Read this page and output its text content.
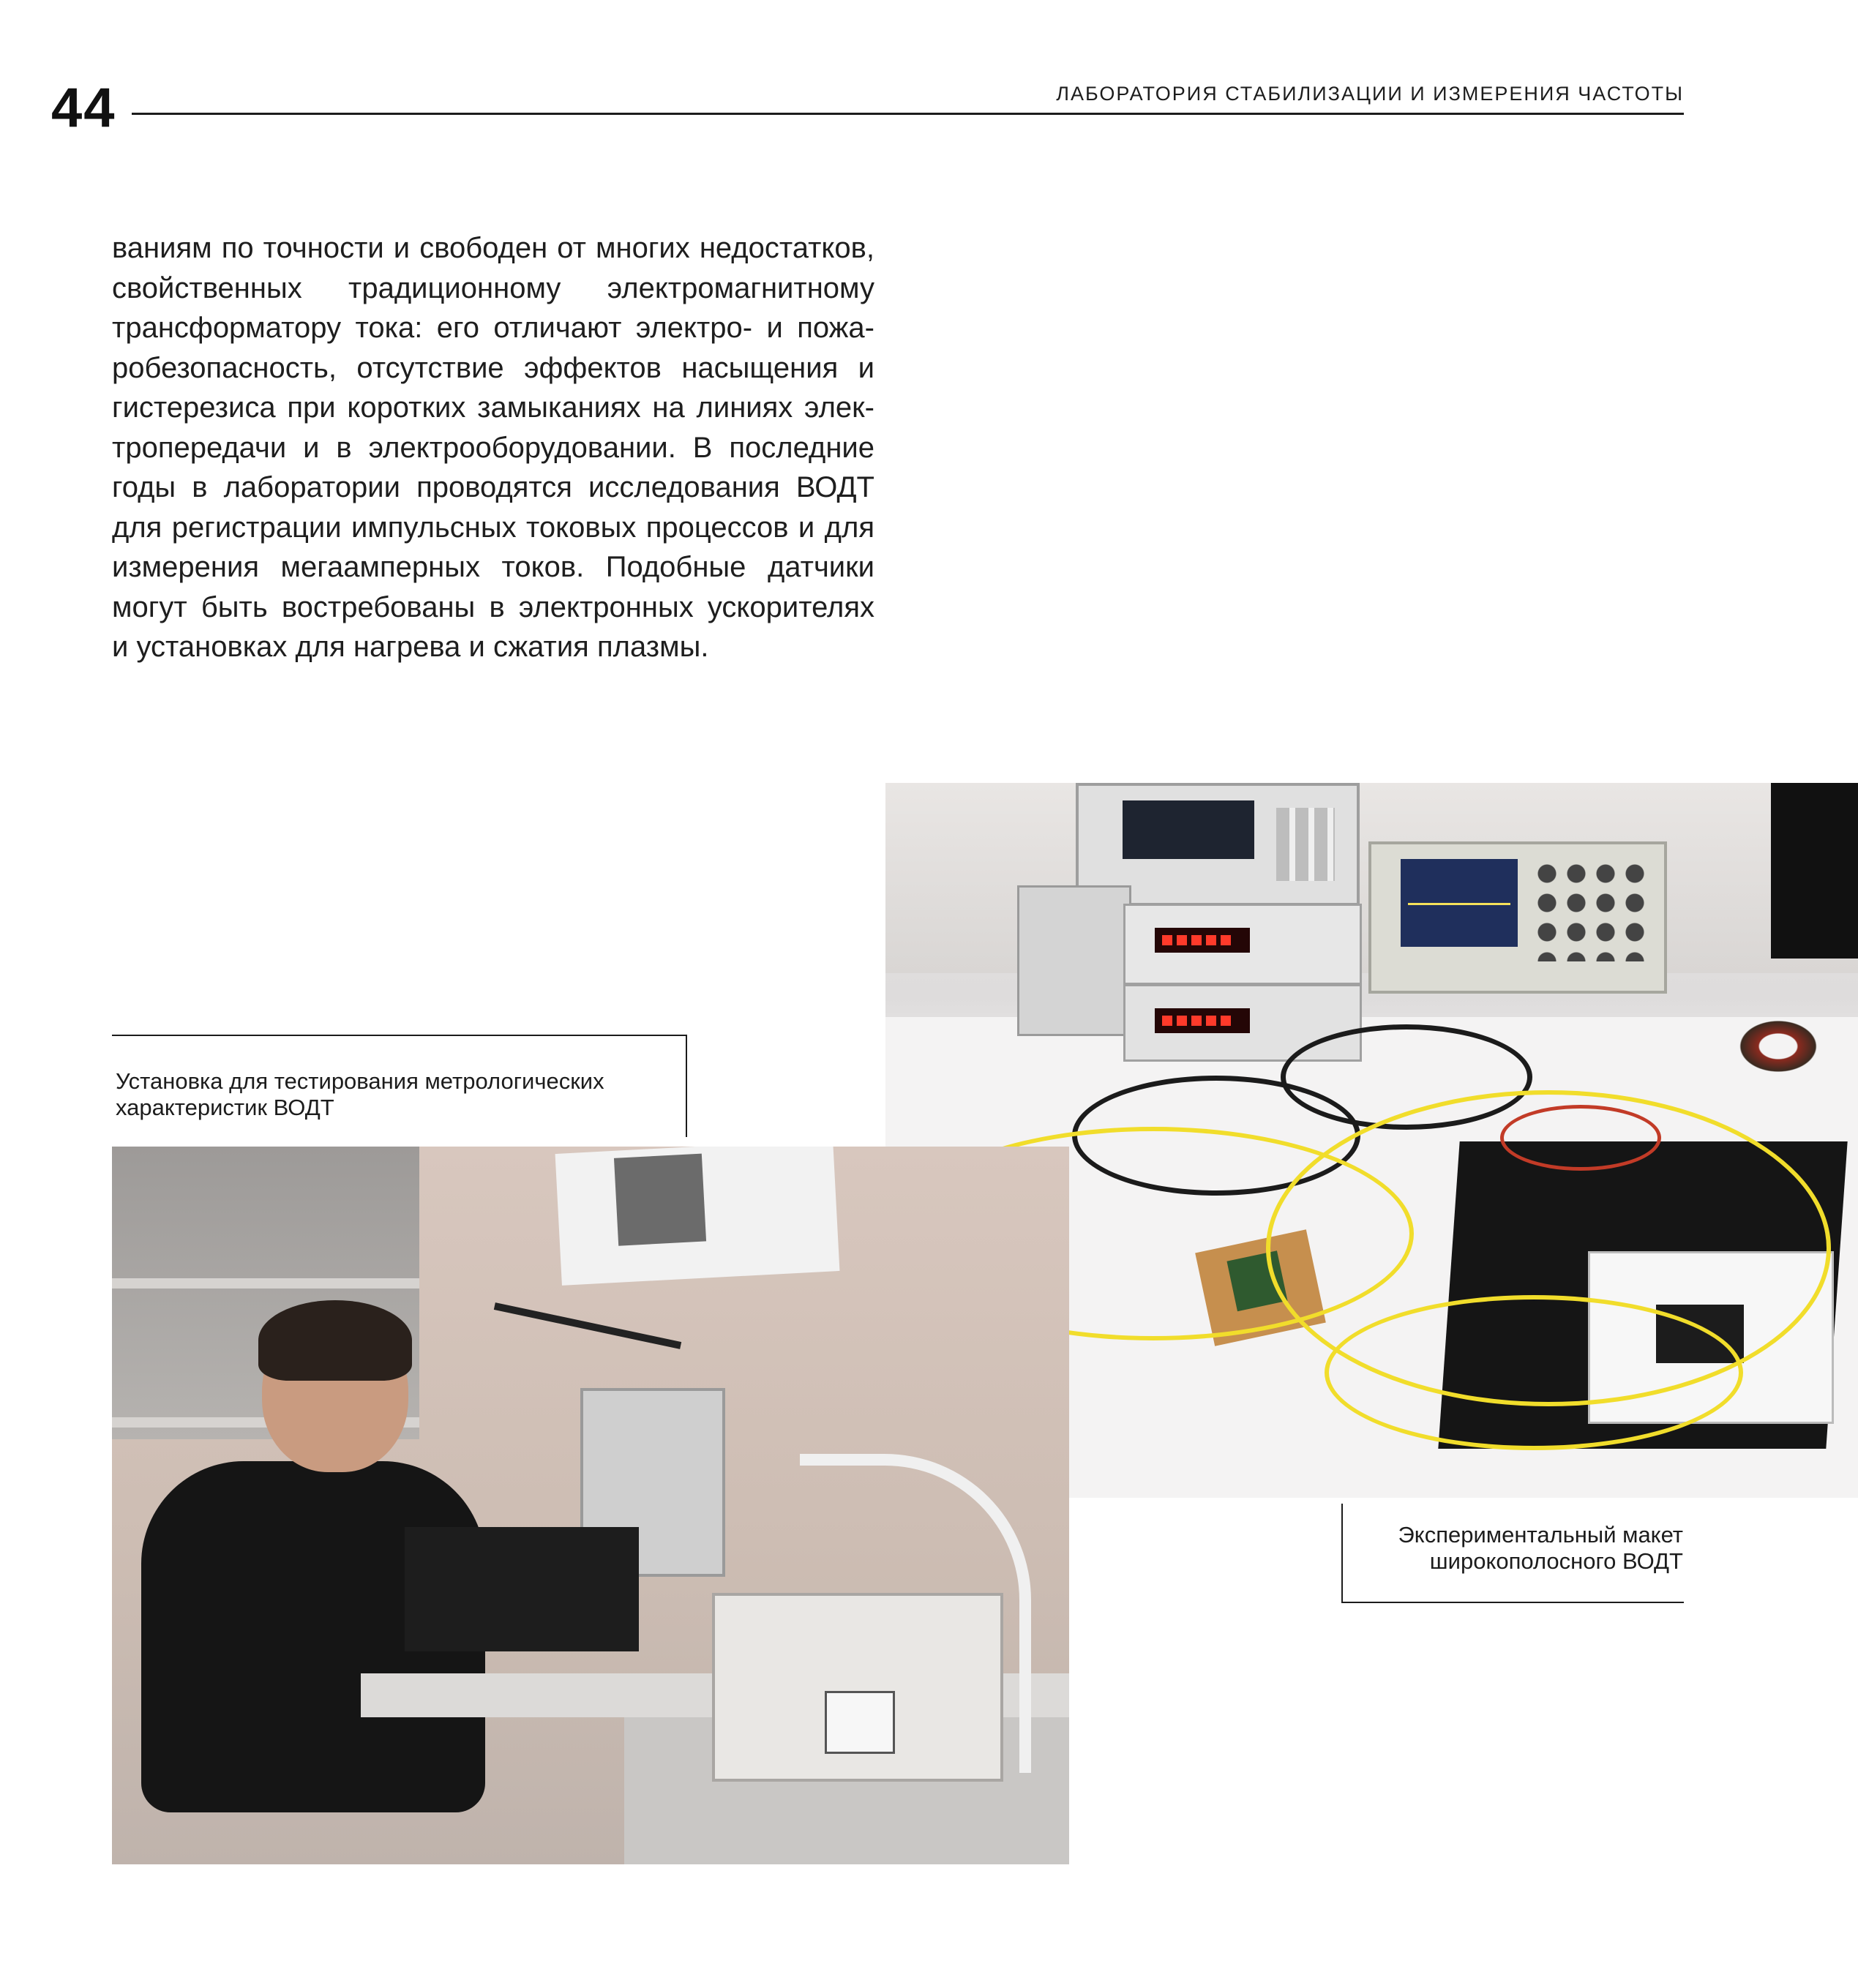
44	ЛАБОРАТОРИЯ СТАБИЛИЗАЦИИ И ИЗМЕРЕНИЯ ЧАСТОТЫ
ваниям по точности и свободен от многих недостатков,
свойственных традиционному электромагнитному
трансформатору тока: его отличают электро- и пожа-
робезопасность, отсутствие эффектов насыщения и
гистерезиса при коротких замыканиях на линиях элек-
тропередачи и в электрооборудовании. В последние
годы в лаборатории проводятся исследования ВОДТ
для регистрации импульсных токовых процессов и для
измерения мегаамперных токов. Подобные датчики
могут быть востребованы в электронных ускорителях
и установках для нагрева и сжатия плазмы.
Установка для тестирования метрологических
характеристик ВОДТ
Экспериментальный макет
широкополосного ВОДТ
